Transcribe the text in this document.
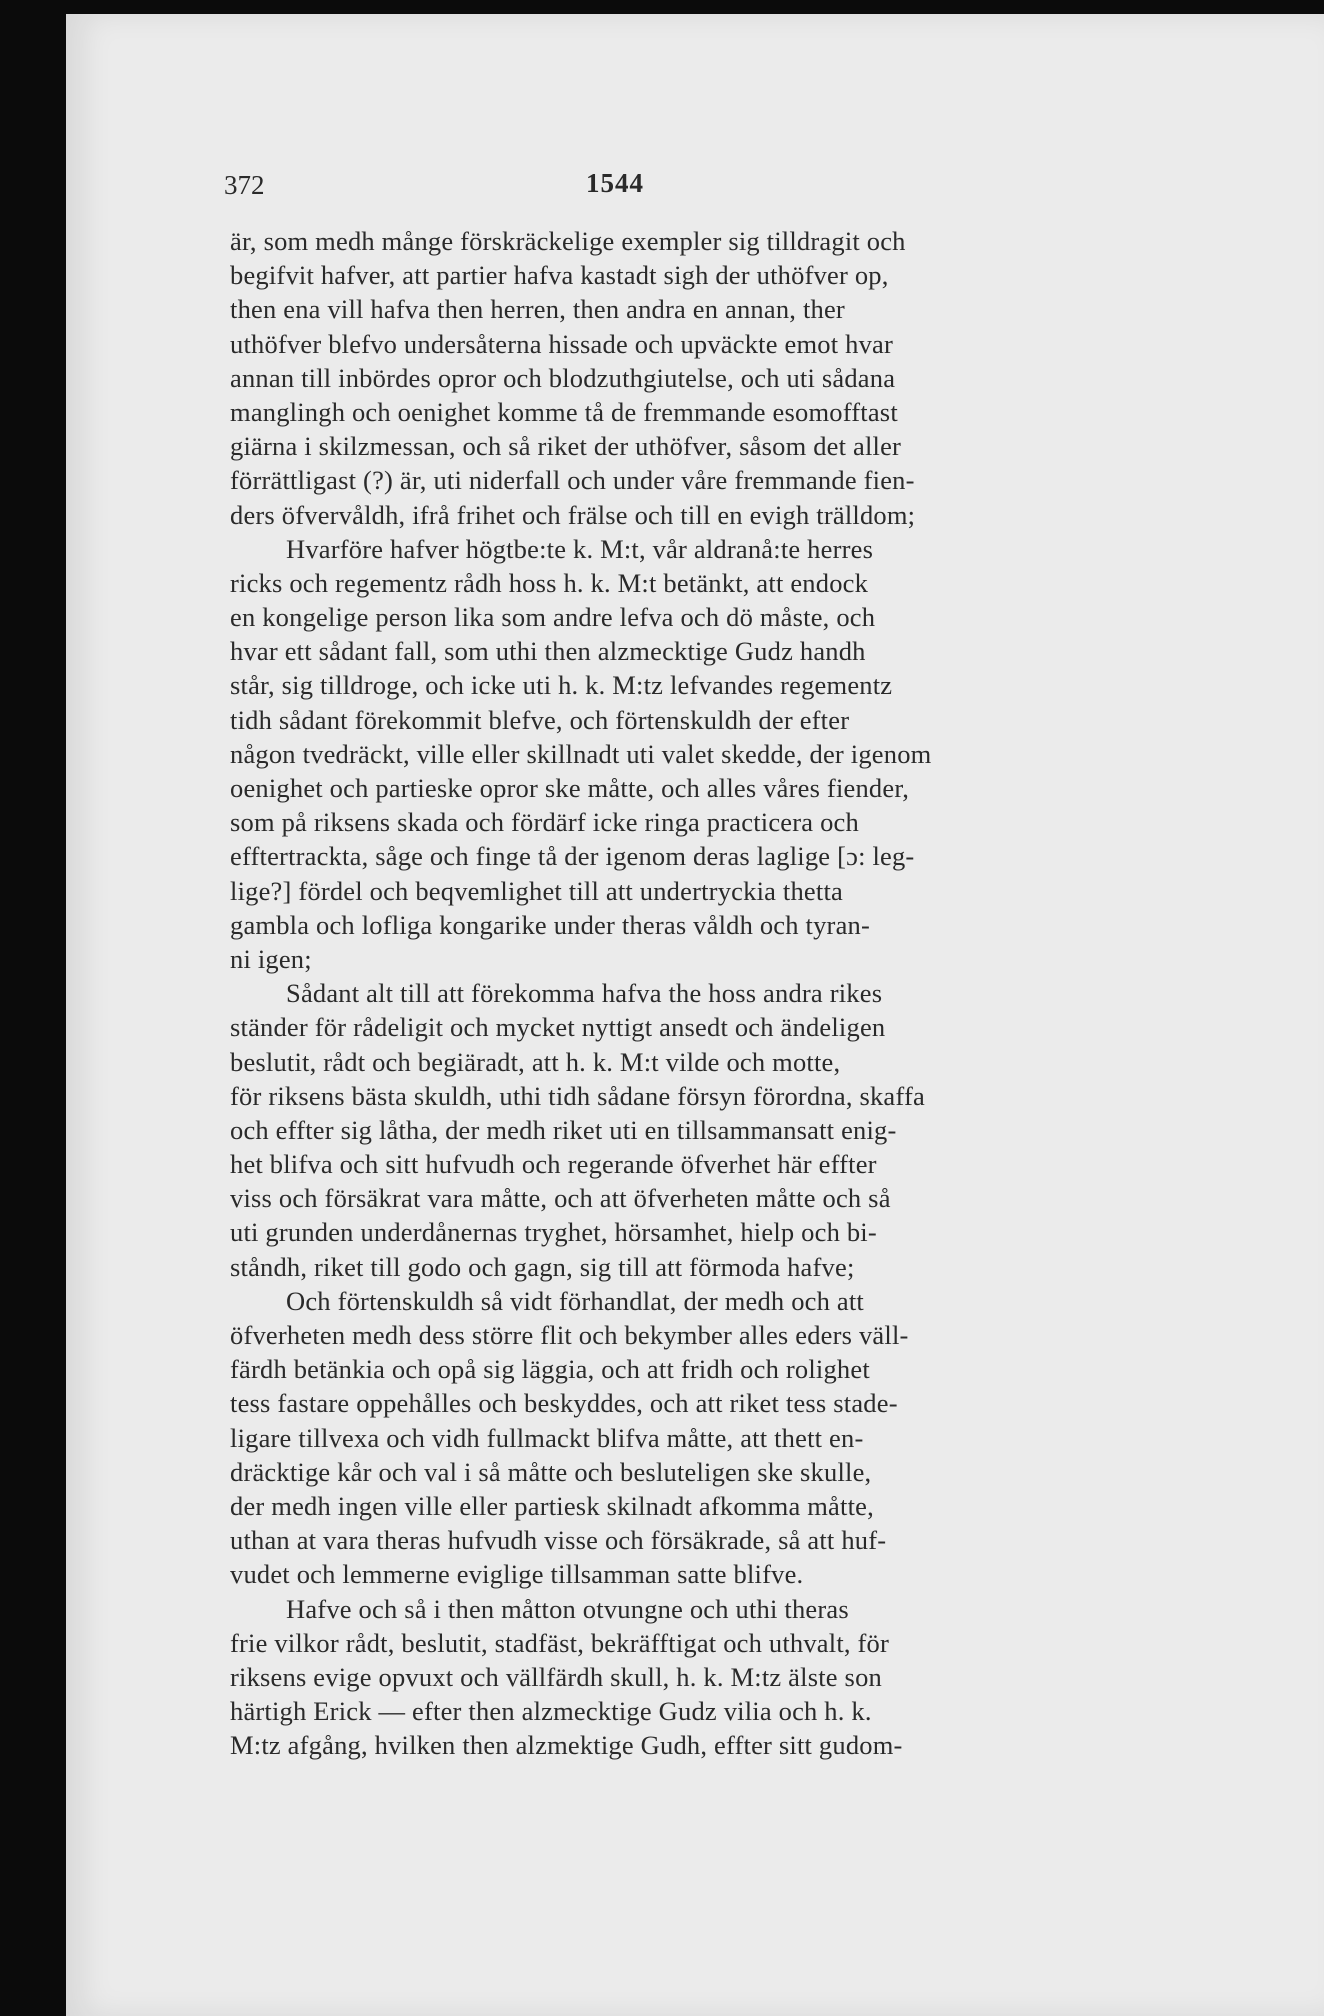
372	1544
är, som medh månge förskräckelige exempler sig tilldragit och
begifvit hafver, att partier hafva kastadt sigh der uthöfver op,
then ena vill hafva then herren, then andra en annan, ther
uthöfver blefvo undersåterna hissade och upväckte emot hvar
annan till inbördes opror och blodzuthgiutelse, och uti sådana
manglingh och oenighet komme tå de fremmande esomofftast
giärna i skilzmessan, och så riket der uthöfver, såsom det aller
förrättligast (?) är, uti niderfall och under våre fremmande fien-
ders öfvervåldh, ifrå frihet och frälse och till en evigh trälldom;
Hvarföre hafver högtbe:te k. M:t, vår aldranå:te herres
ricks och regementz rådh hoss h. k. M:t betänkt, att endock
en kongelige person lika som andre lefva och dö måste, och
hvar ett sådant fall, som uthi then alzmecktige Gudz handh
står, sig tilldroge, och icke uti h. k. M:tz lefvandes regementz
tidh sådant förekommit blefve, och förtenskuldh der efter
någon tvedräckt, ville eller skillnadt uti valet skedde, der igenom
oenighet och partieske opror ske måtte, och alles våres fiender,
som på riksens skada och fördärf icke ringa practicera och
efftertrackta, såge och finge tå der igenom deras laglige [ɔ: leg-
lige?] fördel och beqvemlighet till att undertryckia thetta
gambla och lofliga kongarike under theras våldh och tyran-
ni igen;
Sådant alt till att förekomma hafva the hoss andra rikes
ständer för rådeligit och mycket nyttigt ansedt och ändeligen
beslutit, rådt och begiäradt, att h. k. M:t vilde och motte,
för riksens bästa skuldh, uthi tidh sådane försyn förordna, skaffa
och effter sig låtha, der medh riket uti en tillsammansatt enig-
het blifva och sitt hufvudh och regerande öfverhet här effter
viss och försäkrat vara måtte, och att öfverheten måtte och så
uti grunden underdånernas tryghet, hörsamhet, hielp och bi-
ståndh, riket till godo och gagn, sig till att förmoda hafve;
Och förtenskuldh så vidt förhandlat, der medh och att
öfverheten medh dess större flit och bekymber alles eders väll-
färdh betänkia och opå sig läggia, och att fridh och rolighet
tess fastare oppehålles och beskyddes, och att riket tess stade-
ligare tillvexa och vidh fullmackt blifva måtte, att thett en-
dräcktige kår och val i så måtte och besluteligen ske skulle,
der medh ingen ville eller partiesk skilnadt afkomma måtte,
uthan at vara theras hufvudh visse och försäkrade, så att huf-
vudet och lemmerne eviglige tillsamman satte blifve.
Hafve och så i then måtton otvungne och uthi theras
frie vilkor rådt, beslutit, stadfäst, bekräfftigat och uthvalt, för
riksens evige opvuxt och vällfärdh skull, h. k. M:tz älste son
härtigh Erick — efter then alzmecktige Gudz vilia och h. k.
M:tz afgång, hvilken then alzmektige Gudh, effter sitt gudom-
